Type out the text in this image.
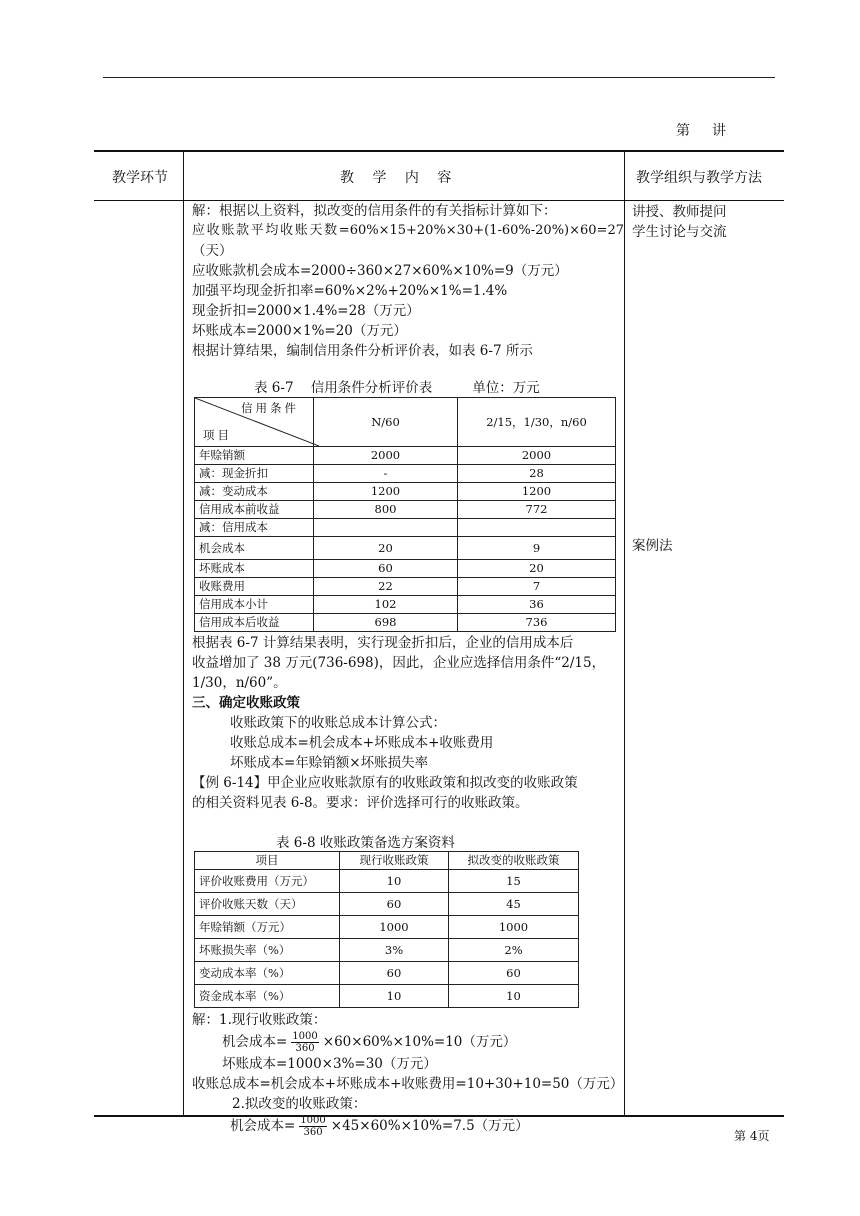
第 讲
教学环节	教 学 内 容	教学组织与教学方法
讲授、教师提问
学生讨论与交流
案例法
解：根据以上资料，拟改变的信用条件的有关指标计算如下：
应收账款平均收账天数=60%×15+20%×30+(1-60%-20%)×60=27
（天）
应收账款机会成本=2000÷360×27×60%×10%=9（万元）
加强平均现金折扣率=60%×2%+20%×1%=1.4%
现金折扣=2000×1.4%=28（万元）
坏账成本=2000×1%=20（万元）
根据计算结果，编制信用条件分析评价表，如表 6-7 所示
表 6-7    信用条件分析评价表	单位：万元
信用条件
项目	N/60	2/15，1/30，n/60
年赊销额	2000	2000
减：现金折扣	-	28
减：变动成本	1200	1200
信用成本前收益	800	772
减：信用成本		
机会成本	20	9
坏账成本	60	20
收账费用	22	7
信用成本小计	102	36
信用成本后收益	698	736
根据表 6-7 计算结果表明，实行现金折扣后，企业的信用成本后
收益增加了 38 万元(736-698)，因此，企业应选择信用条件“2/15，
1/30，n/60”。
三、确定收账政策
收账政策下的收账总成本计算公式：
收账总成本=机会成本+坏账成本+收账费用
坏账成本=年赊销额×坏账损失率
【例 6-14】甲企业应收账款原有的收账政策和拟改变的收账政策
的相关资料见表 6-8。要求：评价选择可行的收账政策。
表 6-8 收账政策备选方案资料
项目	现行收账政策	拟改变的收账政策
评价收账费用（万元）	10	15
评价收账天数（天）	60	45
年赊销额（万元）	1000	1000
坏账损失率（%）	3%	2%
变动成本率（%）	60	60
资金成本率（%）	10	10
解：1.现行收账政策：
机会成本= $\frac{1000}{360} \times 60\times 60\%\times 10\%=10$（万元）
坏账成本=1000×3%=30（万元）
收账总成本=机会成本+坏账成本+收账费用=10+30+10=50（万元）
2.拟改变的收账政策：
机会成本= $\frac{1000}{360} \times 45\times 60\%\times 10\%=7.5$（万元）
第 4页
